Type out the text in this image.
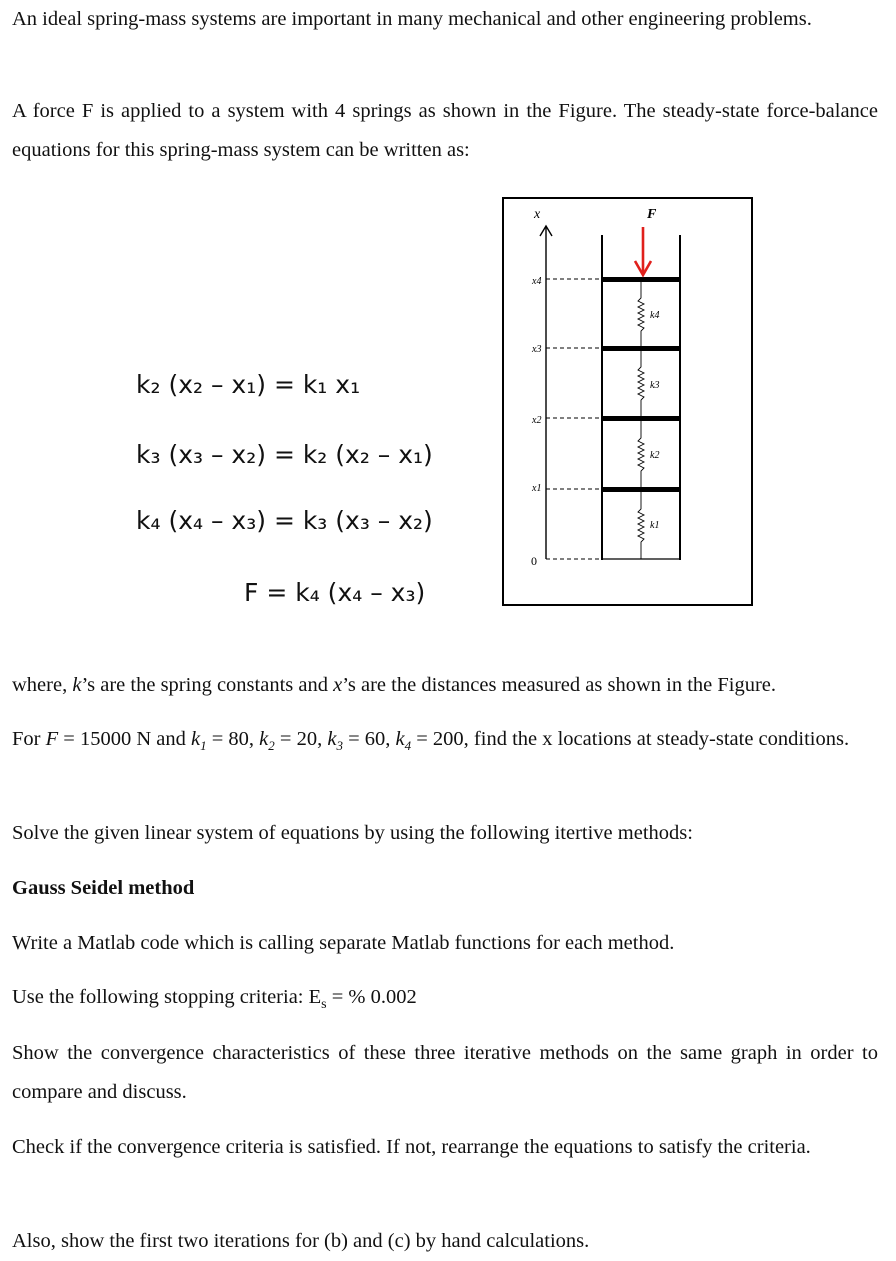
An ideal spring-mass systems are important in many mechanical and other engineering problems.
A force F is applied to a system with 4 springs as shown in the Figure. The steady-state force-balance equations for this spring-mass system can be written as:
k₂ (x₂ – x₁) = k₁ x₁
k₃ (x₃ – x₂) = k₂ (x₂ – x₁)
k₄ (x₄ – x₃) = k₃ (x₃ – x₂)
F = k₄ (x₄ – x₃)
x
x4
x3
x2
x1
0
k4
k3
k2
k1
F
where, k’s are the spring constants and x’s are the distances measured as shown in the Figure.
For F = 15000 N and $k_1 = 80$, $k_2 = 20$, $k_3 = 60$, $k_4 = 200$, find the x locations at steady-state conditions.
Solve the given linear system of equations by using the following itertive methods:
Gauss Seidel method
Write a Matlab code which is calling separate Matlab functions for each method.
Use the following stopping criteria: $E_s$ = % 0.002
Show the convergence characteristics of these three iterative methods on the same graph in order to compare and discuss.
Check if the convergence criteria is satisfied. If not, rearrange the equations to satisfy the criteria.
Also, show the first two iterations for (b) and (c) by hand calculations.
